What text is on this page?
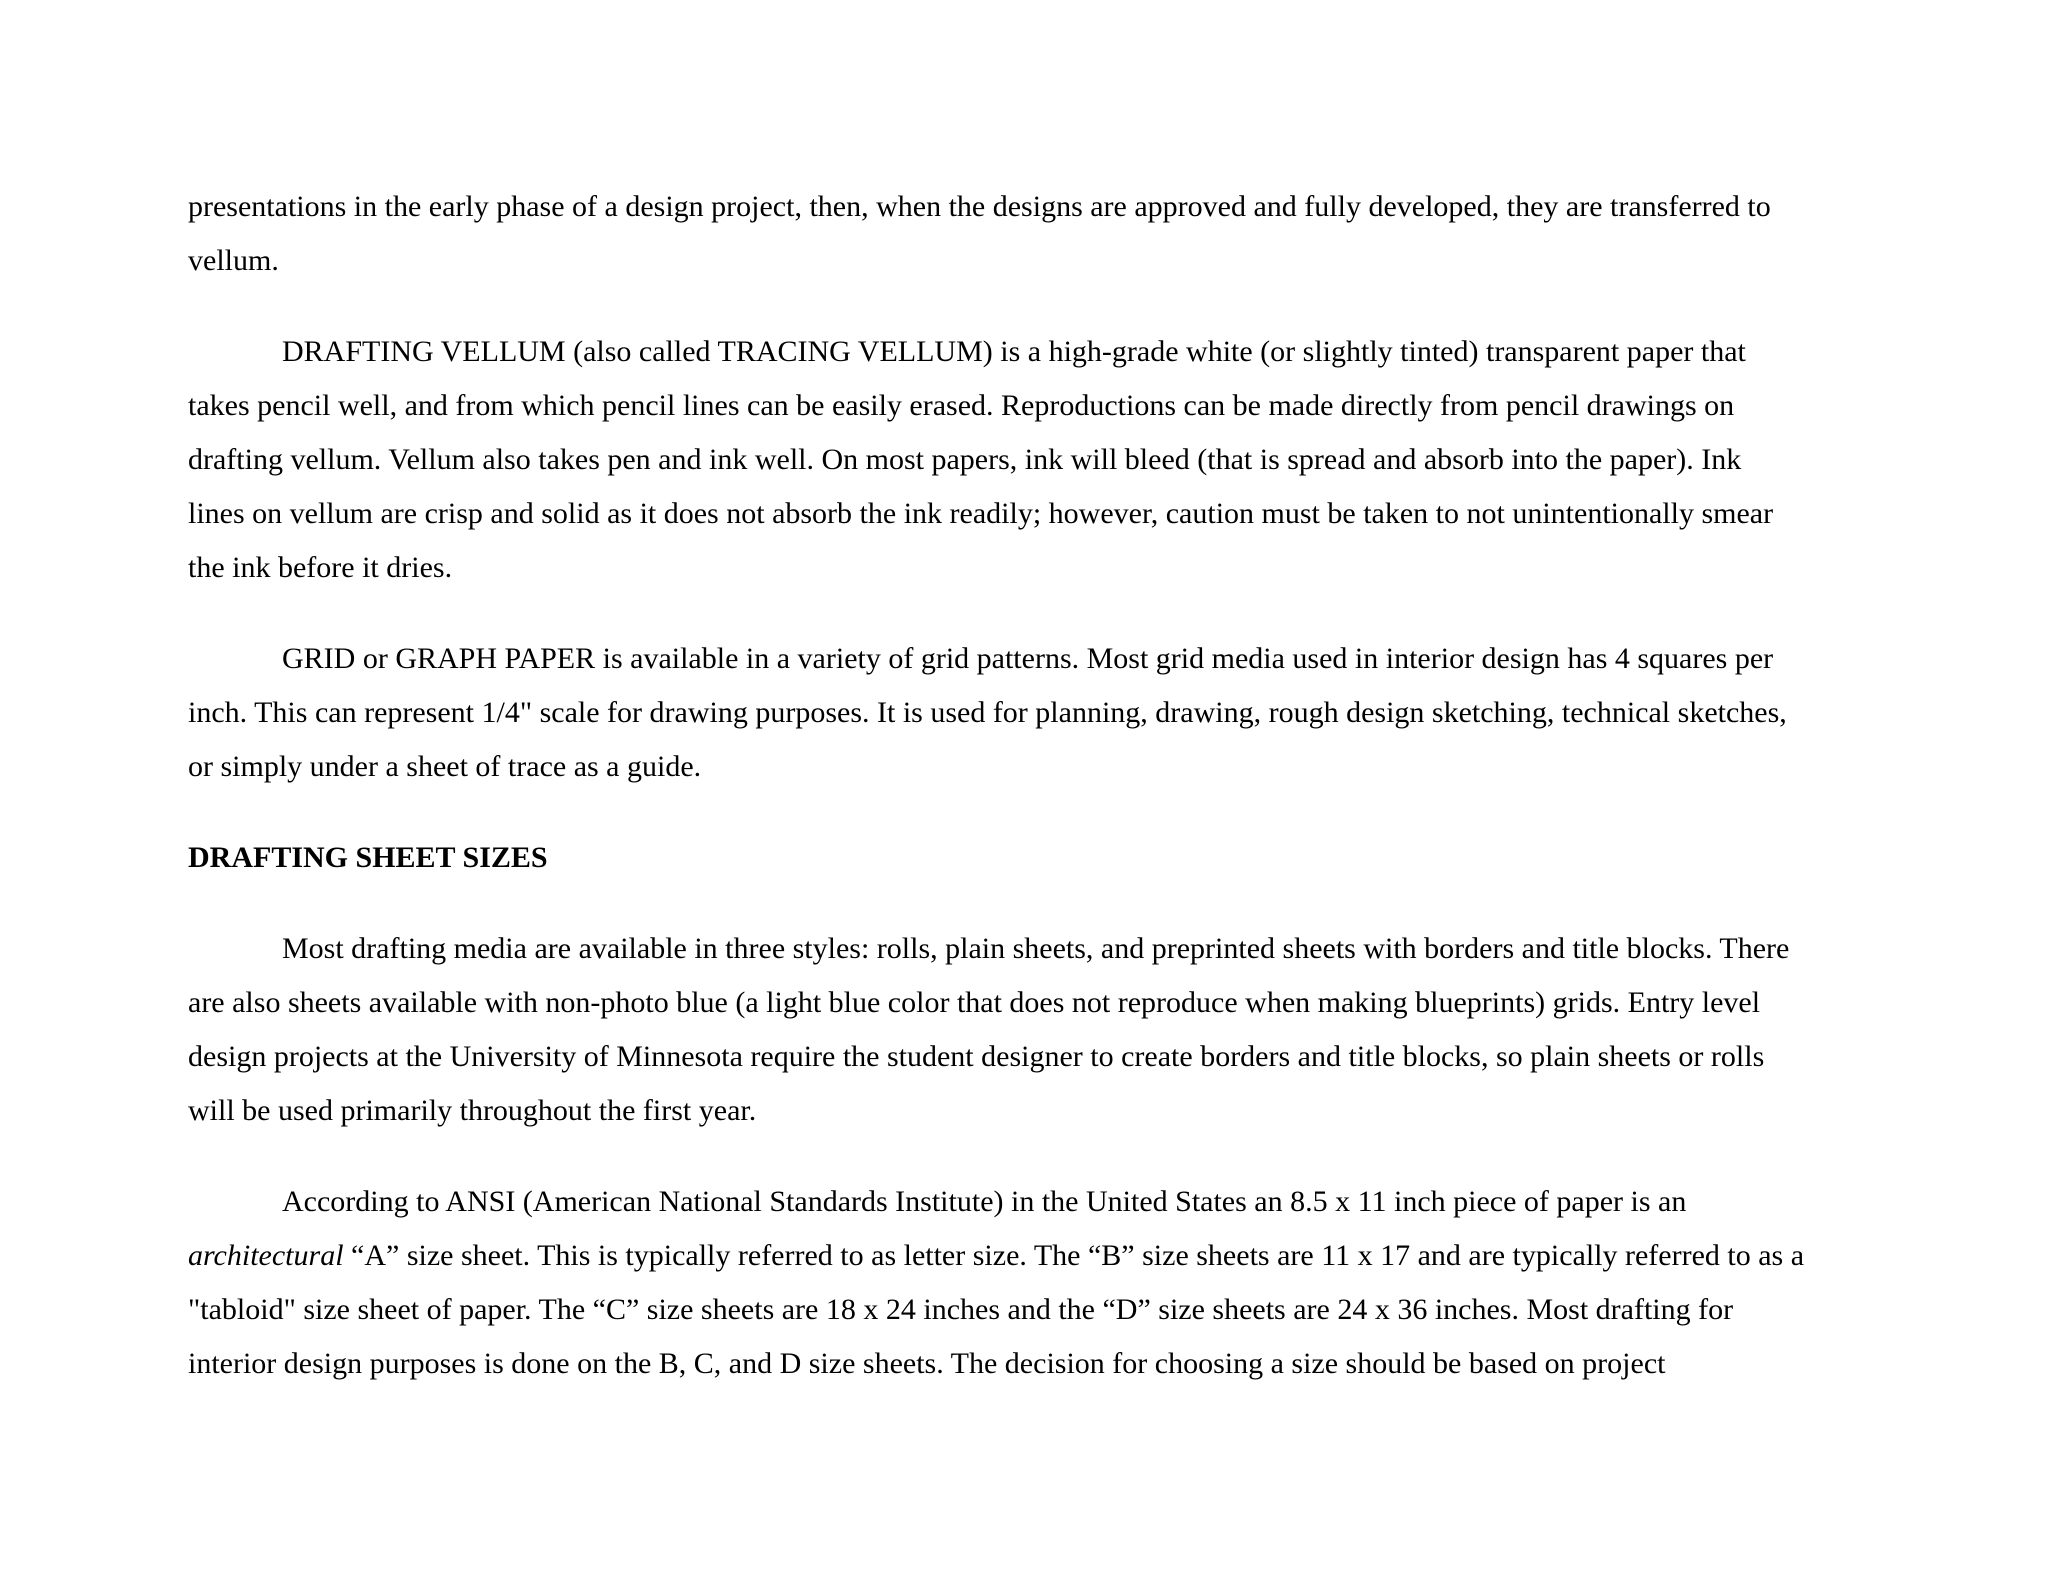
presentations in the early phase of a design project, then, when the designs are approved and fully developed, they are transferred to
vellum.
DRAFTING VELLUM (also called TRACING VELLUM) is a high-grade white (or slightly tinted) transparent paper that
takes pencil well, and from which pencil lines can be easily erased. Reproductions can be made directly from pencil drawings on
drafting vellum. Vellum also takes pen and ink well. On most papers, ink will bleed (that is spread and absorb into the paper). Ink
lines on vellum are crisp and solid as it does not absorb the ink readily; however, caution must be taken to not unintentionally smear
the ink before it dries.
GRID or GRAPH PAPER is available in a variety of grid patterns. Most grid media used in interior design has 4 squares per
inch. This can represent 1/4" scale for drawing purposes. It is used for planning, drawing, rough design sketching, technical sketches,
or simply under a sheet of trace as a guide.
DRAFTING SHEET SIZES
Most drafting media are available in three styles: rolls, plain sheets, and preprinted sheets with borders and title blocks. There
are also sheets available with non-photo blue (a light blue color that does not reproduce when making blueprints) grids. Entry level
design projects at the University of Minnesota require the student designer to create borders and title blocks, so plain sheets or rolls
will be used primarily throughout the first year.
According to ANSI (American National Standards Institute) in the United States an 8.5 x 11 inch piece of paper is an
architectural “A” size sheet. This is typically referred to as letter size. The “B” size sheets are 11 x 17 and are typically referred to as a
"tabloid" size sheet of paper. The “C” size sheets are 18 x 24 inches and the “D” size sheets are 24 x 36 inches. Most drafting for
interior design purposes is done on the B, C, and D size sheets. The decision for choosing a size should be based on project
